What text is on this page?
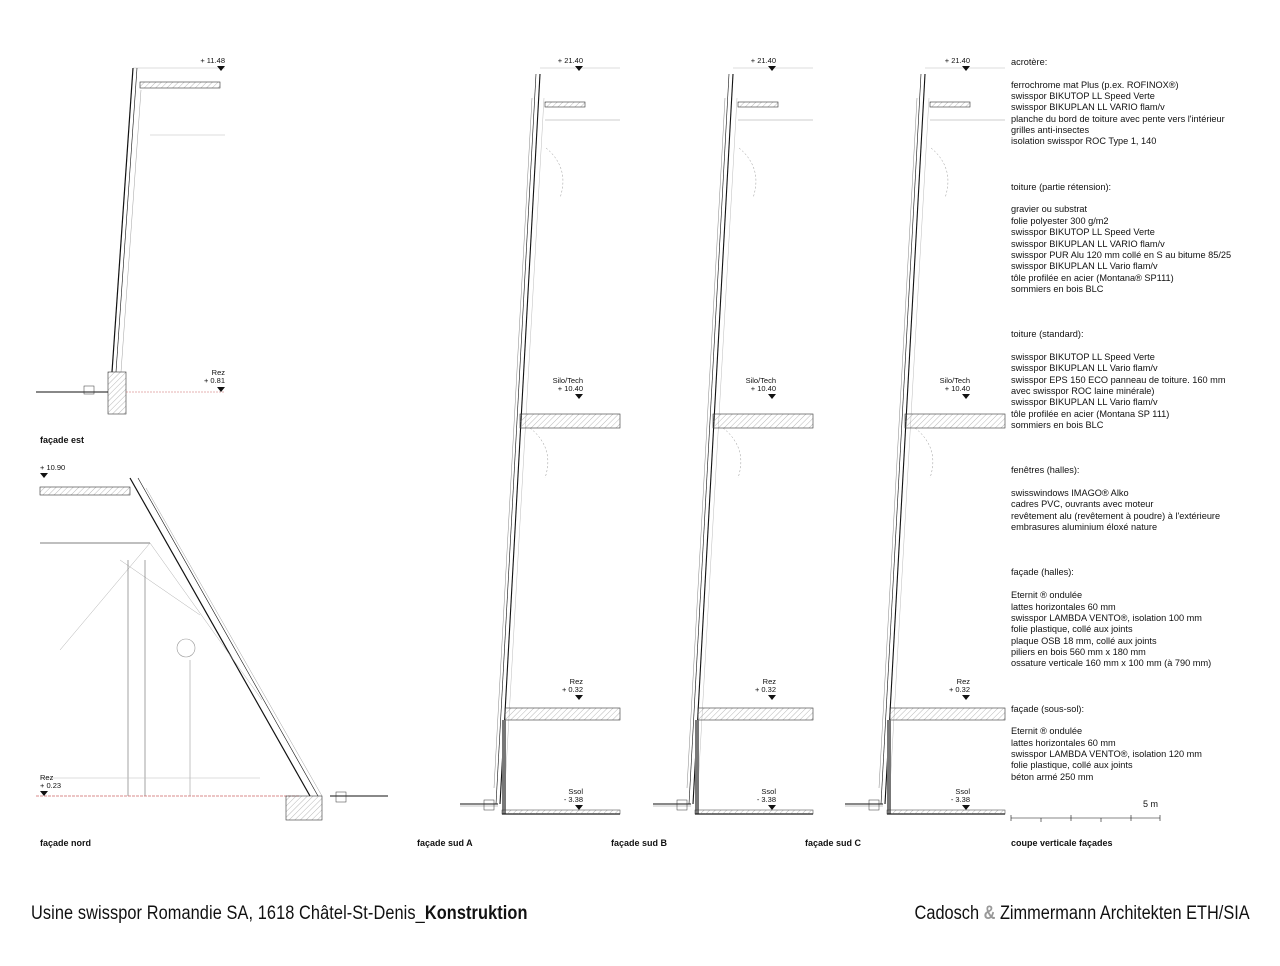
+ 11.48
Rez
+ 0.81
façade est
+ 10.90
Rez
+ 0.23
façade nord
+ 21.40
Silo/Tech
+ 10.40
Rez
+ 0.32
Ssol
- 3.38
façade sud A
+ 21.40
Silo/Tech
+ 10.40
Rez
+ 0.32
Ssol
- 3.38
façade sud B
+ 21.40
Silo/Tech
+ 10.40
Rez
+ 0.32
Ssol
- 3.38
façade sud C
acrotère:
ferrochrome mat Plus (p.ex. ROFINOX®)
swisspor BIKUTOP LL Speed Verte
swisspor BIKUPLAN LL VARIO flam/v
planche du bord de toiture avec pente vers l'intérieur
grilles anti-insectes
isolation swisspor ROC Type 1, 140
toiture (partie rétension):
gravier ou substrat
folie polyester 300 g/m2
swisspor BIKUTOP LL Speed Verte
swisspor BIKUPLAN LL VARIO flam/v
swisspor PUR Alu 120 mm collé en S au bitume 85/25
swisspor BIKUPLAN LL Vario flam/v
tôle profilée en acier (Montana® SP111)
sommiers en bois BLC
toiture (standard):
swisspor BIKUTOP LL Speed Verte
swisspor BIKUPLAN LL Vario flam/v
swisspor EPS 150 ECO panneau de toiture. 160 mm
avec swisspor ROC laine minérale)
swisspor BIKUPLAN LL Vario flam/v
tôle profilée en acier (Montana SP 111)
sommiers en bois BLC
fenêtres (halles):
swisswindows IMAGO® Alko
cadres PVC, ouvrants avec moteur
revêtement alu (revêtement à poudre) à l'extérieure
embrasures aluminium éloxé nature
façade (halles):
Eternit ® ondulée
lattes horizontales 60 mm
swisspor LAMBDA VENTO®, isolation 100 mm
folie plastique, collé aux joints
plaque OSB 18 mm, collé aux joints
piliers en bois 560 mm x 180 mm
ossature verticale 160 mm x 100 mm (à 790 mm)
façade (sous-sol):
Eternit ® ondulée
lattes horizontales 60 mm
swisspor LAMBDA VENTO®, isolation 120 mm
folie plastique, collé aux joints
béton armé 250 mm
5 m
coupe verticale façades
Usine swisspor Romandie SA, 1618 Châtel-St-Denis_Konstruktion	Cadosch & Zimmermann Architekten ETH/SIA
